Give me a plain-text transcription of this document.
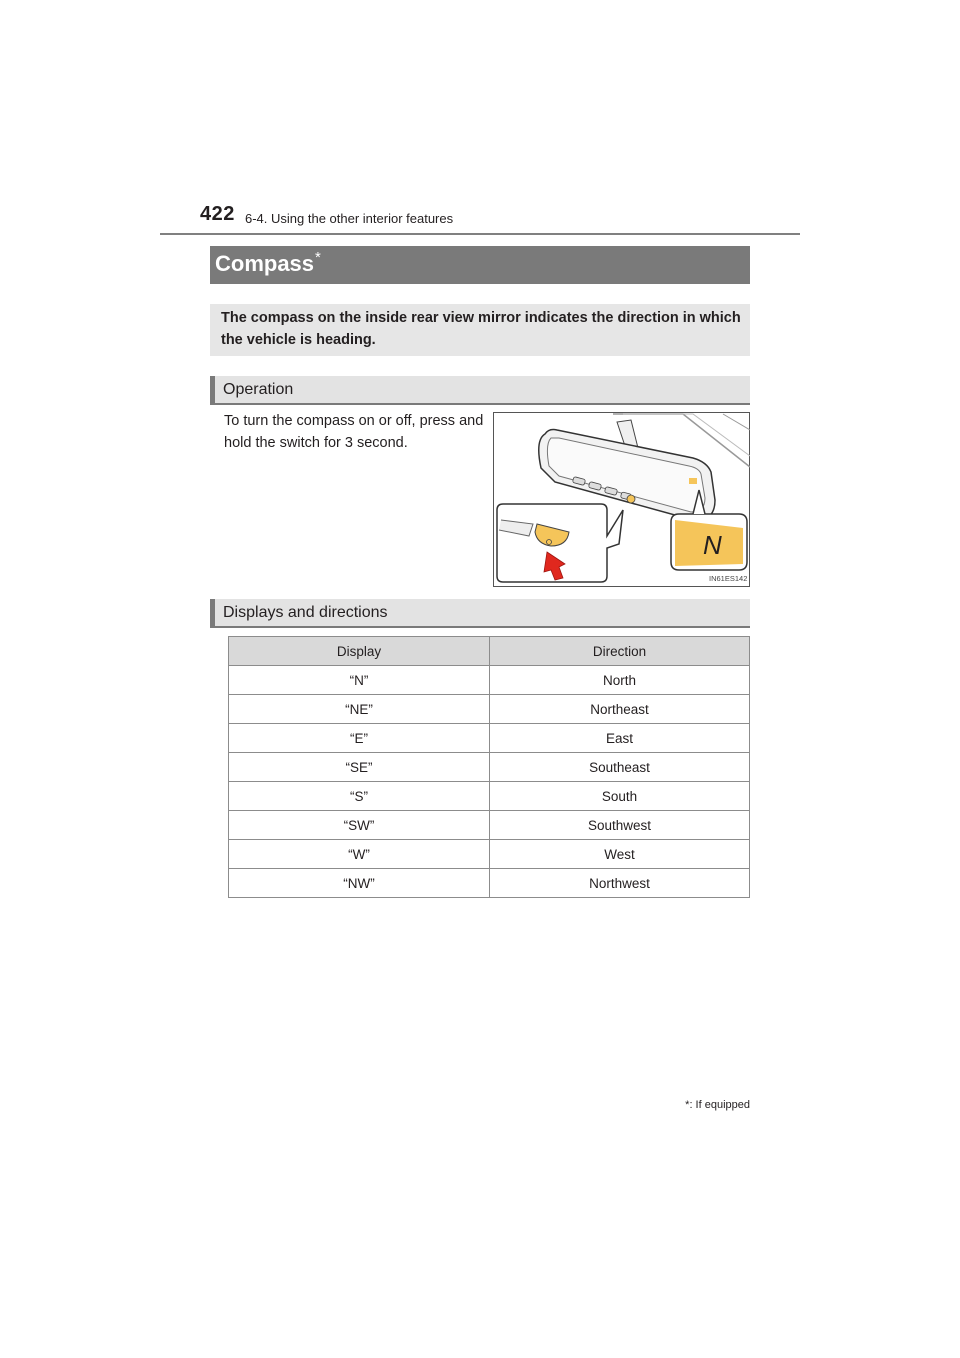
422 6-4. Using the other interior features
Compass*
The compass on the inside rear view mirror indicates the direction in which the vehicle is heading.
Operation
To turn the compass on or off, press and hold the switch for 3 second.
N
IN61ES142
Displays and directions
Display	Direction
“N”	North
“NE”	Northeast
“E”	East
“SE”	Southeast
“S”	South
“SW”	Southwest
“W”	West
“NW”	Northwest
*: If equipped
